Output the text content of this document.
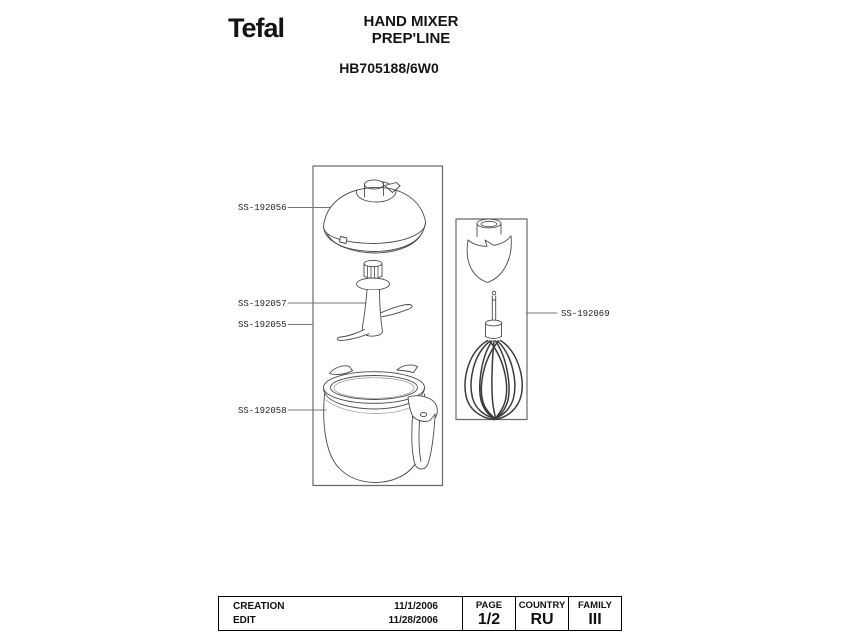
Tefal	HAND MIXER
PREP'LINE
HB705188/6W0
SS-192056
SS-192057
SS-192055
SS-192058
SS-192069
CREATION	11/1/2006
EDIT	11/28/2006
PAGE
1/2
COUNTRY
RU
FAMILY
III
